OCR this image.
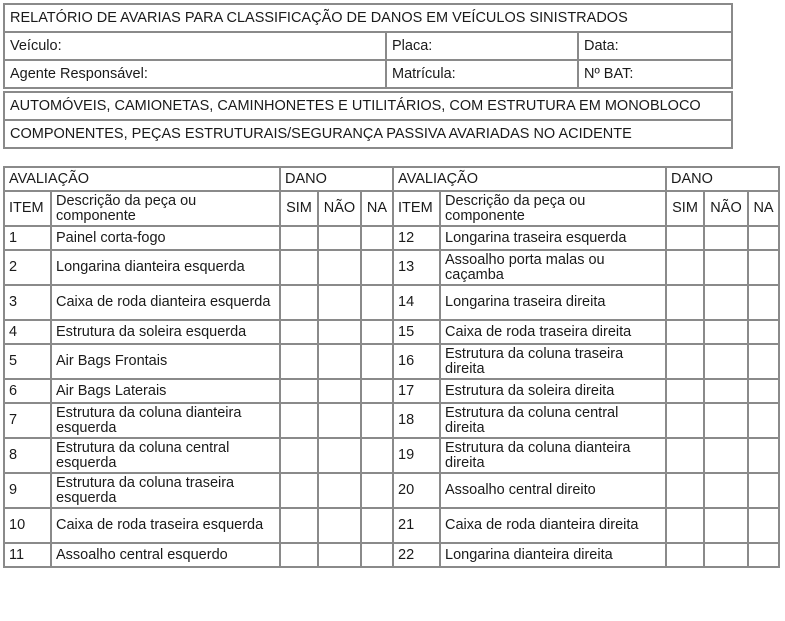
RELATÓRIO DE AVARIAS PARA CLASSIFICAÇÃO DE DANOS EM VEÍCULOS SINISTRADOS		
Veículo:	Placa:	Data:
Agente Responsável:	Matrícula:	Nº BAT:

AUTOMÓVEIS, CAMIONETAS, CAMINHONETES E UTILITÁRIOS, COM ESTRUTURA EM MONOBLOCO		
COMPONENTES, PEÇAS ESTRUTURAIS/SEGURANÇA PASSIVA AVARIADAS NO ACIDENTE		
AVALIAÇÃO		DANO			AVALIAÇÃO		DANO		
ITEM	Descrição da peça ou componente	SIM	NÃO	NA	ITEM	Descrição da peça ou componente	SIM	NÃO	NA
1	Painel corta-fogo				12	Longarina traseira esquerda			
2	Longarina dianteira esquerda				13	Assoalho porta malas ou caçamba			
3	Caixa de roda dianteira esquerda				14	Longarina traseira direita			
4	Estrutura da soleira esquerda				15	Caixa de roda traseira direita			
5	Air Bags Frontais				16	Estrutura da coluna traseira direita			
6	Air Bags Laterais				17	Estrutura da soleira direita			
7	Estrutura da coluna dianteira esquerda				18	Estrutura da coluna central direita			
8	Estrutura da coluna central esquerda				19	Estrutura da coluna dianteira direita			
9	Estrutura da coluna traseira esquerda				20	Assoalho central direito			
10	Caixa de roda traseira esquerda				21	Caixa de roda dianteira direita			
11	Assoalho central esquerdo				22	Longarina dianteira direita			
